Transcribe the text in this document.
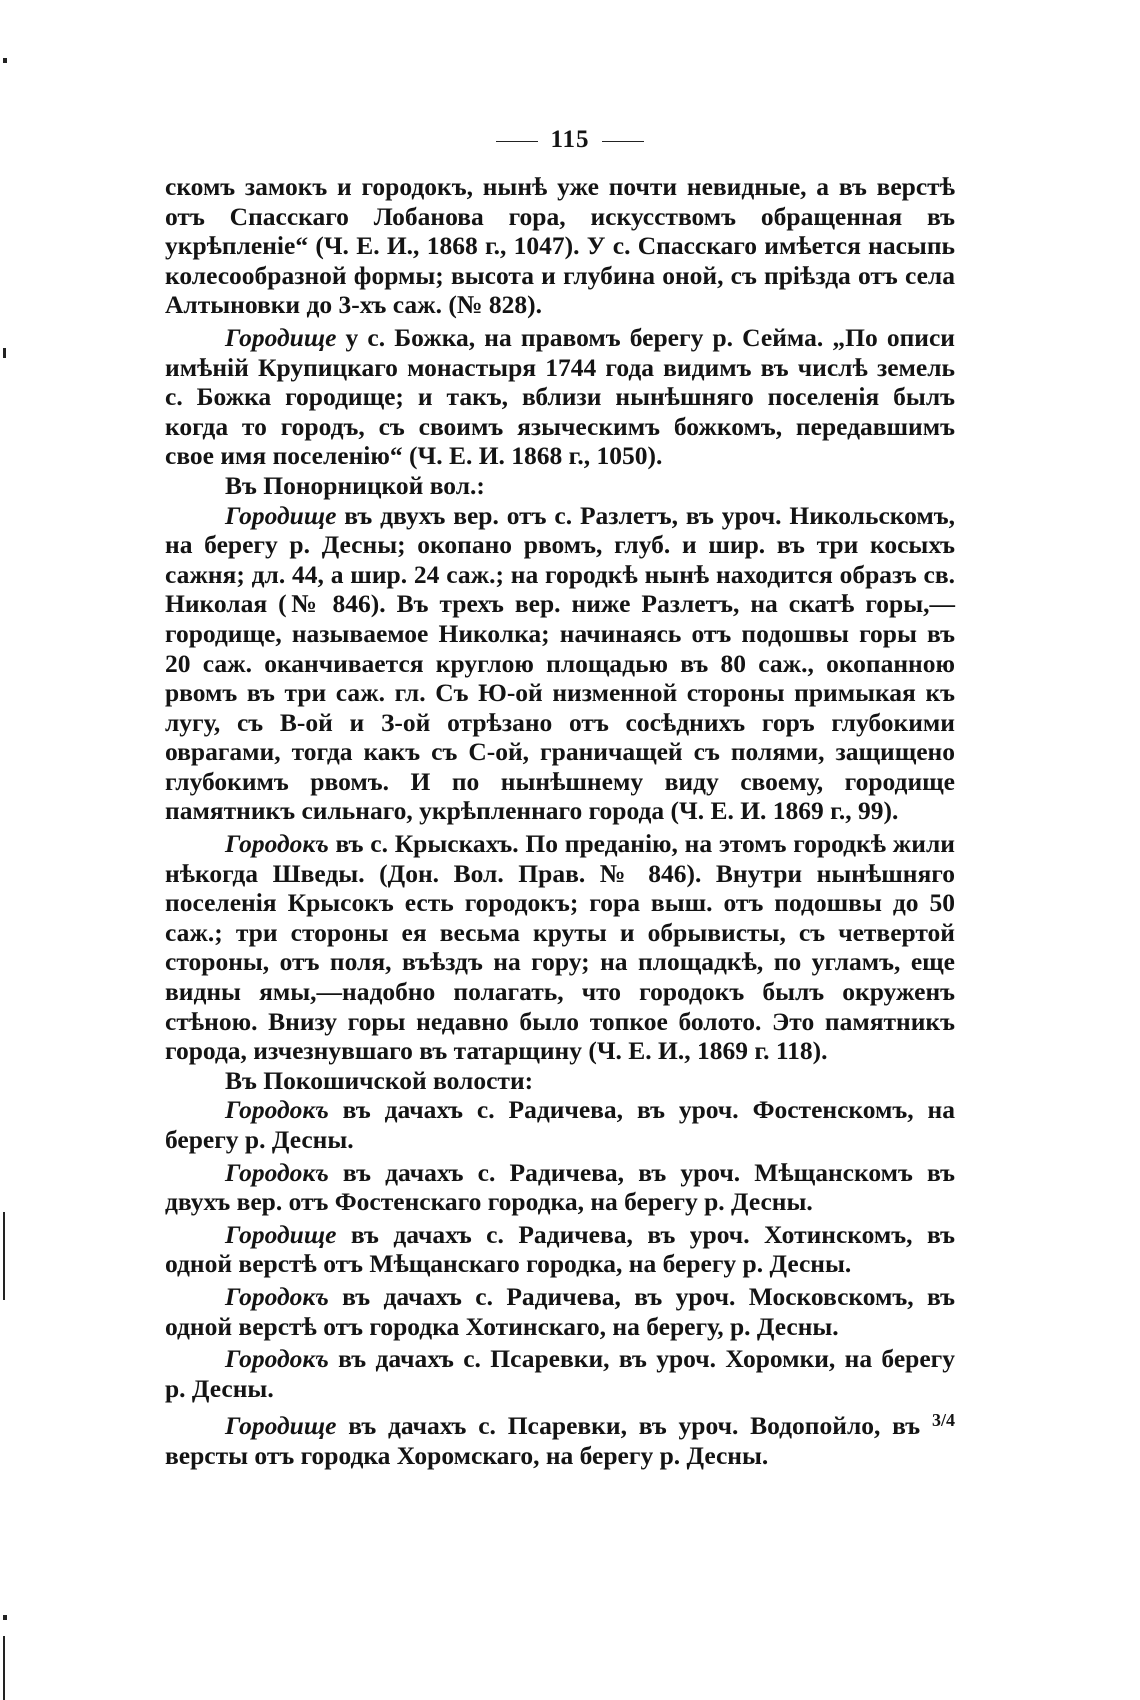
115

скомъ замокъ и городокъ, нынѣ уже почти невидные, а въ верстѣ отъ Спасскаго Лобанова гора, искусствомъ обращенная въ укрѣпленіе“ (Ч. Е. И., 1868 г., 1047). У с. Спасскаго имѣется насыпь колесообразной формы; высота и глубина оной, съ пріѣзда отъ села Алтыновки до 3-хъ саж. (№ 828).

Городище у с. Божка, на правомъ берегу р. Сейма. „По описи имѣній Крупицкаго монастыря 1744 года видимъ въ числѣ земель с. Божка городище; и такъ, вблизи нынѣшняго поселенія былъ когда то городъ, съ своимъ языческимъ божкомъ, передавшимъ свое имя поселенію“ (Ч. Е. И. 1868 г., 1050).

Въ Понорницкой вол.:

Городище въ двухъ вер. отъ с. Разлетъ, въ уроч. Никольскомъ, на берегу р. Десны; окопано рвомъ, глуб. и шир. въ три косыхъ сажня; дл. 44, а шир. 24 саж.; на городкѣ нынѣ находится образъ св. Николая (№ 846). Въ трехъ вер. ниже Разлетъ, на скатѣ горы,—городище, называемое Николка; начинаясь отъ подошвы горы въ 20 саж. оканчивается круглою площадью въ 80 саж., окопанною рвомъ въ три саж. гл. Съ Ю-ой низменной стороны примыкая къ лугу, съ В-ой и З-ой отрѣзано отъ сосѣднихъ горъ глубокими оврагами, тогда какъ съ С-ой, граничащей съ полями, защищено глубокимъ рвомъ. И по нынѣшнему виду своему, городище памятникъ сильнаго, укрѣпленнаго города (Ч. Е. И. 1869 г., 99).

Городокъ въ с. Крыскахъ. По преданію, на этомъ городкѣ жили нѣкогда Шведы. (Дон. Вол. Прав. № 846). Внутри нынѣшняго поселенія Крысокъ есть городокъ; гора выш. отъ подошвы до 50 саж.; три стороны ея весьма круты и обрывисты, съ четвертой стороны, отъ поля, въѣздъ на гору; на площадкѣ, по угламъ, еще видны ямы,—надобно полагать, что городокъ былъ окруженъ стѣною. Внизу горы недавно было топкое болото. Это памятникъ города, изчезнувшаго въ татарщину (Ч. Е. И., 1869 г. 118).

Въ Покошичской волости:

Городокъ въ дачахъ с. Радичева, въ уроч. Фостенскомъ, на берегу р. Десны.

Городокъ въ дачахъ с. Радичева, въ уроч. Мѣщанскомъ въ двухъ вер. отъ Фостенскаго городка, на берегу р. Десны.

Городище въ дачахъ с. Радичева, въ уроч. Хотинскомъ, въ одной верстѣ отъ Мѣщанскаго городка, на берегу р. Десны.

Городокъ въ дачахъ с. Радичева, въ уроч. Московскомъ, въ одной верстѣ отъ городка Хотинскаго, на берегу, р. Десны.

Городокъ въ дачахъ с. Псаревки, въ уроч. Хоромки, на берегу р. Десны.

Городище въ дачахъ с. Псаревки, въ уроч. Водопойло, въ $^{3/4}$ версты отъ городка Хоромскаго, на берегу р. Десны.
